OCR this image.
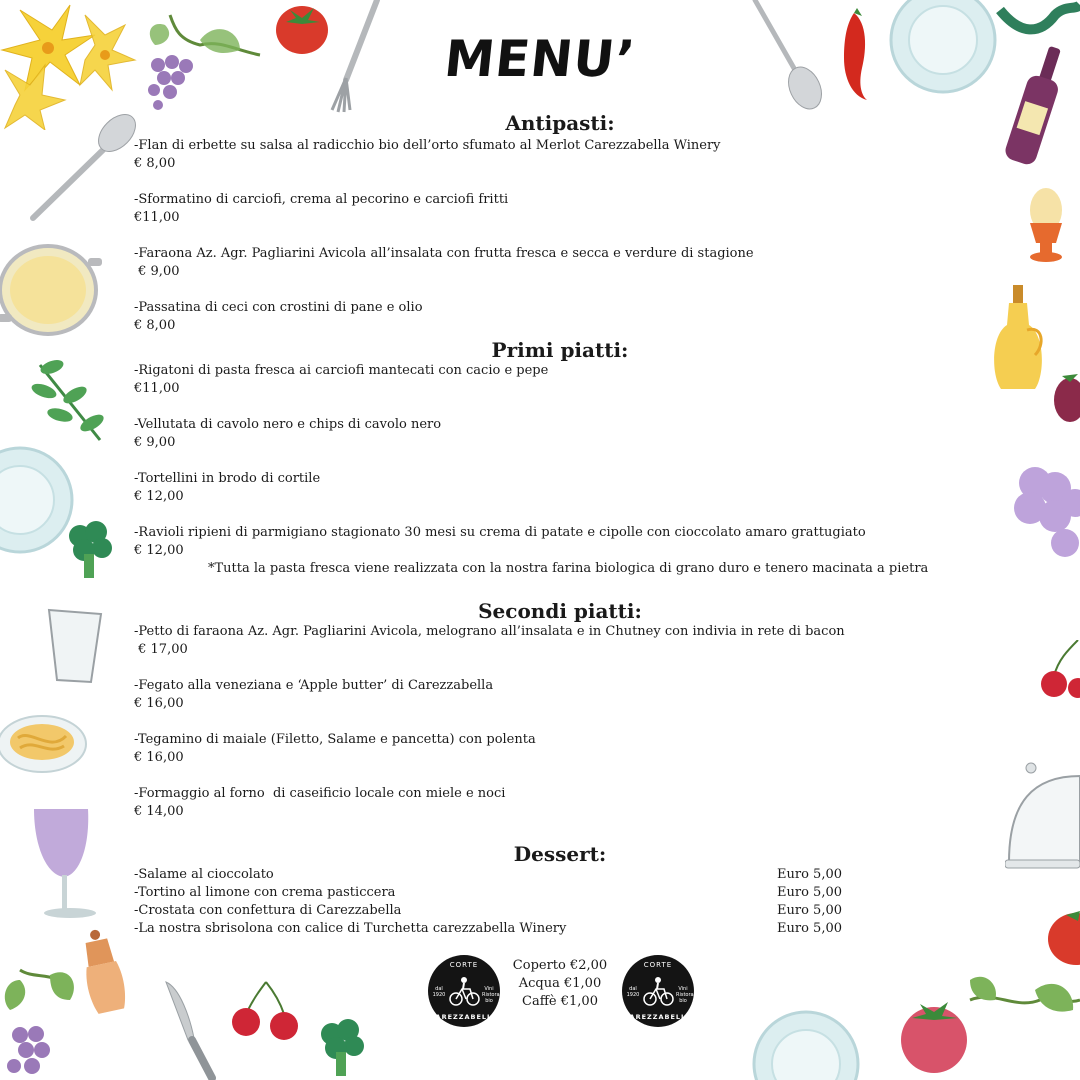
MENU’
Antipasti:
-Flan di erbette su salsa al radicchio bio dell’orto sfumato al Merlot Carezzabella Winery
€ 8,00
-Sformatino di carciofi, crema al pecorino e carciofi fritti
€11,00
-Faraona Az. Agr. Pagliarini Avicola all’insalata con frutta fresca e secca e verdure di stagione
€ 9,00
-Passatina di ceci con crostini di pane e olio
€ 8,00
Primi piatti:
-Rigatoni di pasta fresca ai carciofi mantecati con cacio e pepe
€11,00
-Vellutata di cavolo nero e chips di cavolo nero
€ 9,00
-Tortellini in brodo di cortile
€ 12,00
-Ravioli ripieni di parmigiano stagionato 30 mesi su crema di patate e cipolle con cioccolato amaro grattugiato
€ 12,00
*Tutta la pasta fresca viene realizzata con la nostra farina biologica di grano duro e tenero macinata a pietra
Secondi piatti:
-Petto di faraona Az. Agr. Pagliarini Avicola, melograno all’insalata e in Chutney con indivia in rete di bacon
€ 17,00
-Fegato alla veneziana e ‘Apple butter’ di Carezzabella
€ 16,00
-Tegamino di maiale (Filetto, Salame e pancetta) con polenta
€ 16,00
-Formaggio al forno  di caseificio locale con miele e noci
€ 14,00
Dessert:
-Salame al cioccolato	Euro 5,00
-Tortino al limone con crema pasticcera	Euro 5,00
-Crostata con confettura di Carezzabella	Euro 5,00
-La nostra sbrisolona con calice di Turchetta carezzabella Winery	Euro 5,00
CORTE
dal 1920
Vini Ristorante bio
CAREZZABELLA
Coperto €2,00
Acqua €1,00
Caffè €1,00
CORTE
dal 1920
Vini Ristorante bio
CAREZZABELLA
